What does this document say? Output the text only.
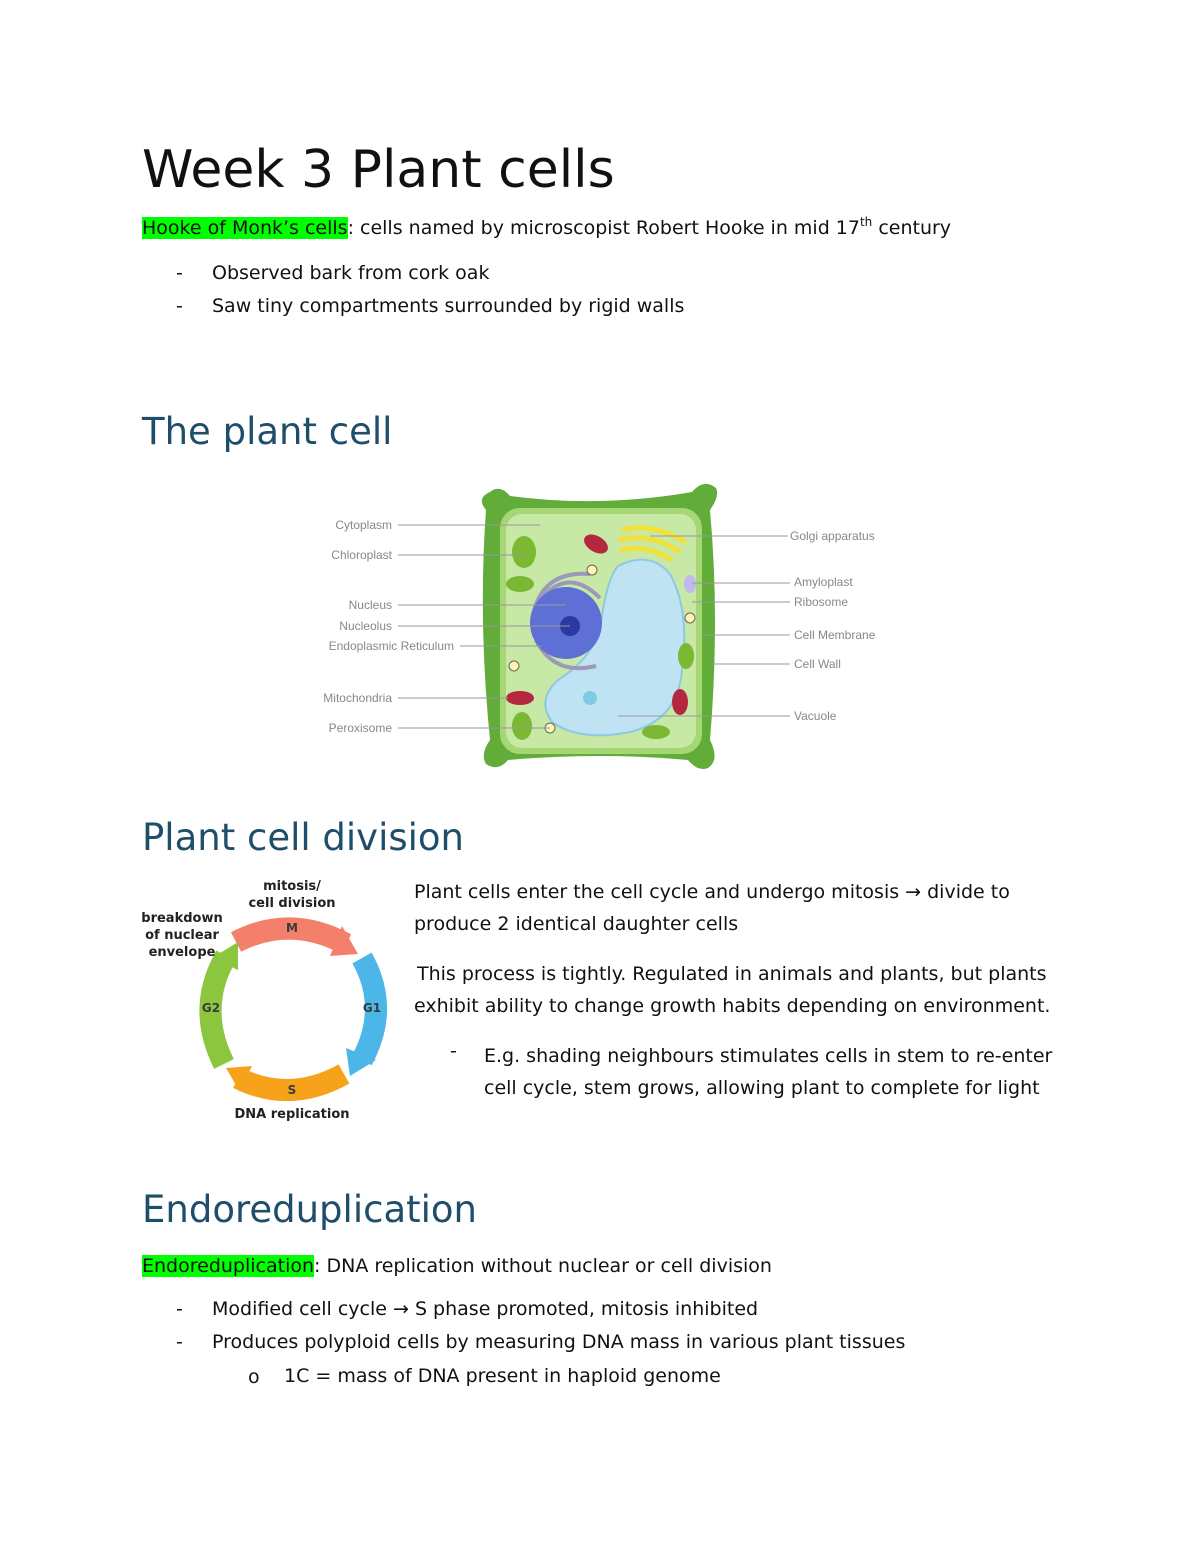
Week 3 Plant cells
Hooke of Monk’s cells: cells named by microscopist Robert Hooke in mid 17th century
- Observed bark from cork oak
- Saw tiny compartments surrounded by rigid walls
The plant cell
Cytoplasm
Chloroplast
Nucleus
Nucleolus
Endoplasmic Reticulum
Mitochondria
Peroxisome
Golgi apparatus
Amyloplast
Ribosome
Cell Membrane
Cell Wall
Vacuole
Plant cell division
M
G1
S
G2
mitosis/
cell division
breakdown
of nuclear
envelope
DNA replication
Plant cells enter the cell cycle and undergo mitosis → divide to
produce 2 identical daughter cells
This process is tightly. Regulated in animals and plants, but plants
exhibit ability to change growth habits depending on environment.
- E.g. shading neighbours stimulates cells in stem to re-enter
cell cycle, stem grows, allowing plant to complete for light
Endoreduplication
Endoreduplication: DNA replication without nuclear or cell division
- Modified cell cycle → S phase promoted, mitosis inhibited
- Produces polyploid cells by measuring DNA mass in various plant tissues
o 1C = mass of DNA present in haploid genome
